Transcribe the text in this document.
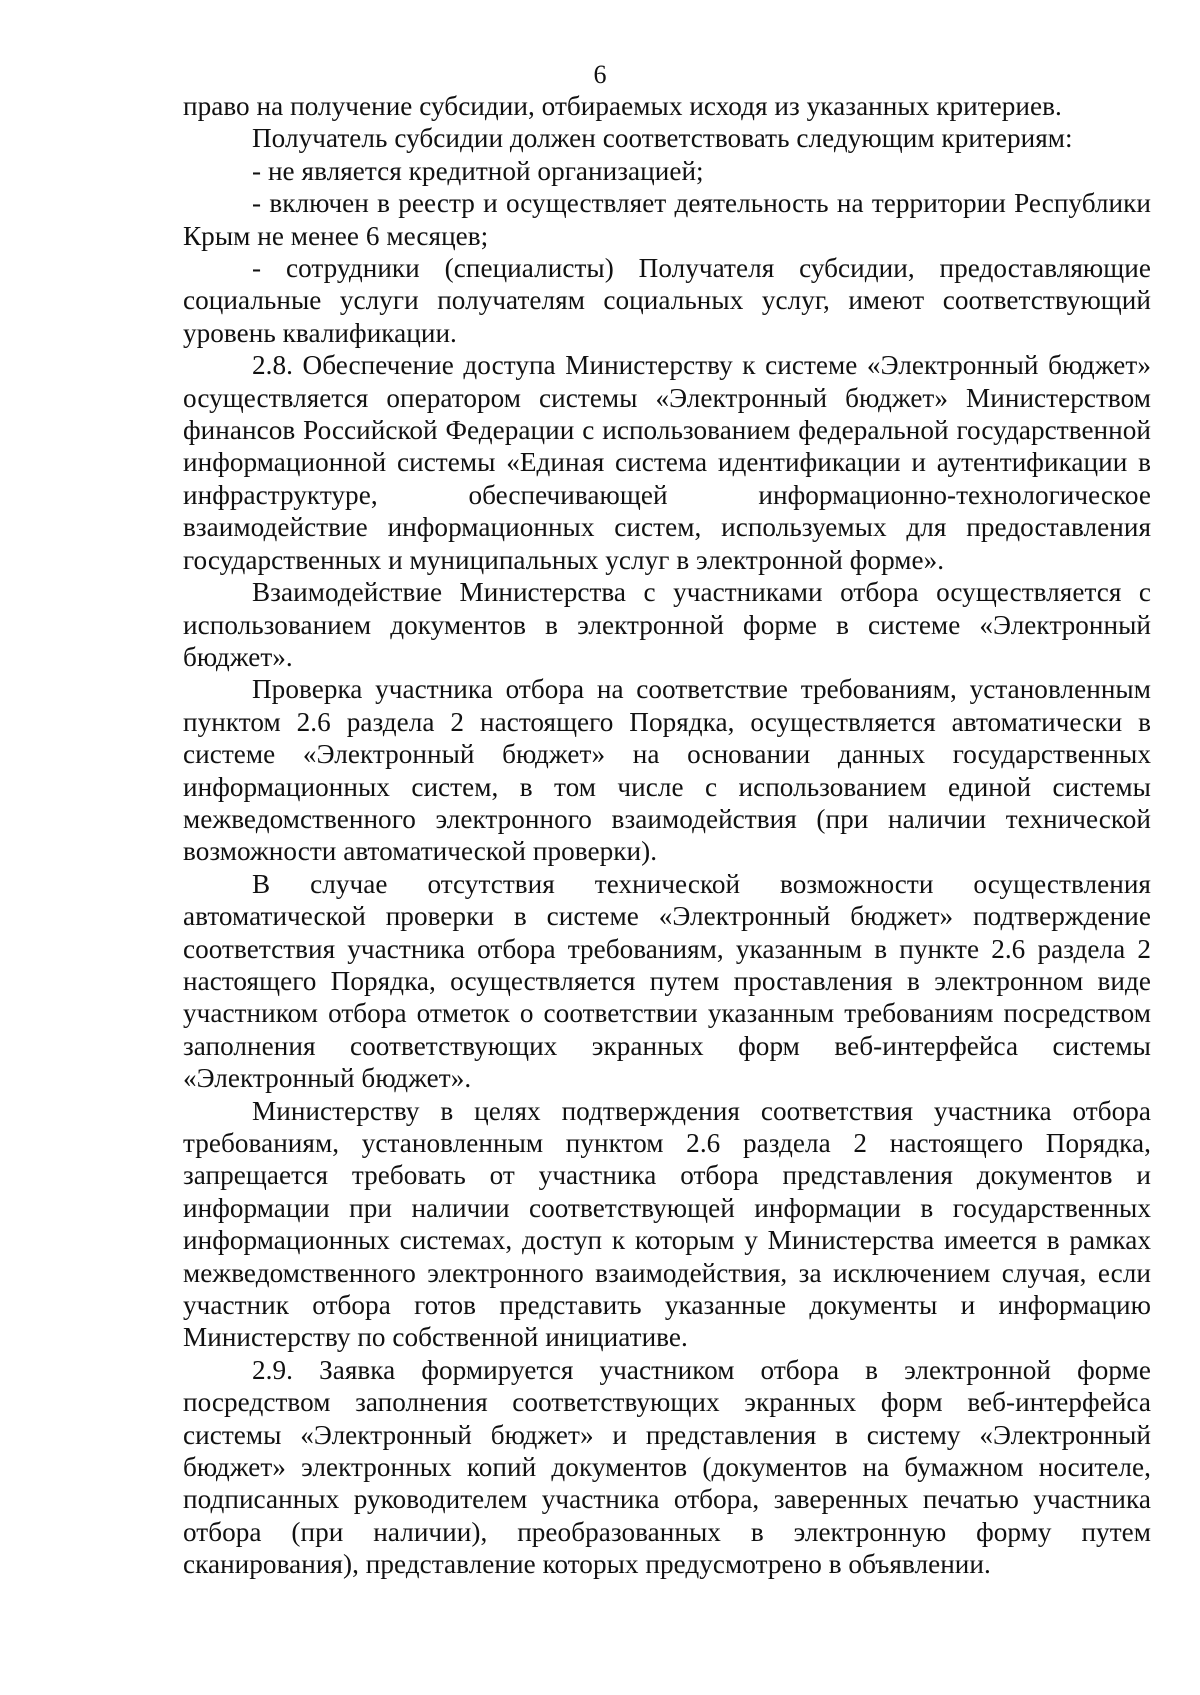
6

право на получение субсидии, отбираемых исходя из указанных критериев.

Получатель субсидии должен соответствовать следующим критериям:

- не является кредитной организацией;

- включен в реестр и осуществляет деятельность на территории Республики Крым не менее 6 месяцев;

- сотрудники (специалисты) Получателя субсидии, предоставляющие социальные услуги получателям социальных услуг, имеют соответствующий уровень квалификации.

2.8. Обеспечение доступа Министерству к системе «Электронный бюджет» осуществляется оператором системы «Электронный бюджет» Министерством финансов Российской Федерации с использованием федеральной государственной информационной системы «Единая система идентификации и аутентификации в инфраструктуре, обеспечивающей информационно-технологическое взаимодействие информационных систем, используемых для предоставления государственных и муниципальных услуг в электронной форме».

Взаимодействие Министерства с участниками отбора осуществляется с использованием документов в электронной форме в системе «Электронный бюджет».

Проверка участника отбора на соответствие требованиям, установленным пунктом 2.6 раздела 2 настоящего Порядка, осуществляется автоматически в системе «Электронный бюджет» на основании данных государственных информационных систем, в том числе с использованием единой системы межведомственного электронного взаимодействия (при наличии технической возможности автоматической проверки).

В случае отсутствия технической возможности осуществления автоматической проверки в системе «Электронный бюджет» подтверждение соответствия участника отбора требованиям, указанным в пункте 2.6 раздела 2 настоящего Порядка, осуществляется путем проставления в электронном виде участником отбора отметок о соответствии указанным требованиям посредством заполнения соответствующих экранных форм веб-интерфейса системы «Электронный бюджет».

Министерству в целях подтверждения соответствия участника отбора требованиям, установленным пунктом 2.6 раздела 2 настоящего Порядка, запрещается требовать от участника отбора представления документов и информации при наличии соответствующей информации в государственных информационных системах, доступ к которым у Министерства имеется в рамках межведомственного электронного взаимодействия, за исключением случая, если участник отбора готов представить указанные документы и информацию Министерству по собственной инициативе.

2.9. Заявка формируется участником отбора в электронной форме посредством заполнения соответствующих экранных форм веб-интерфейса системы «Электронный бюджет» и представления в систему «Электронный бюджет» электронных копий документов (документов на бумажном носителе, подписанных руководителем участника отбора, заверенных печатью участника отбора (при наличии), преобразованных в электронную форму путем сканирования), представление которых предусмотрено в объявлении.
